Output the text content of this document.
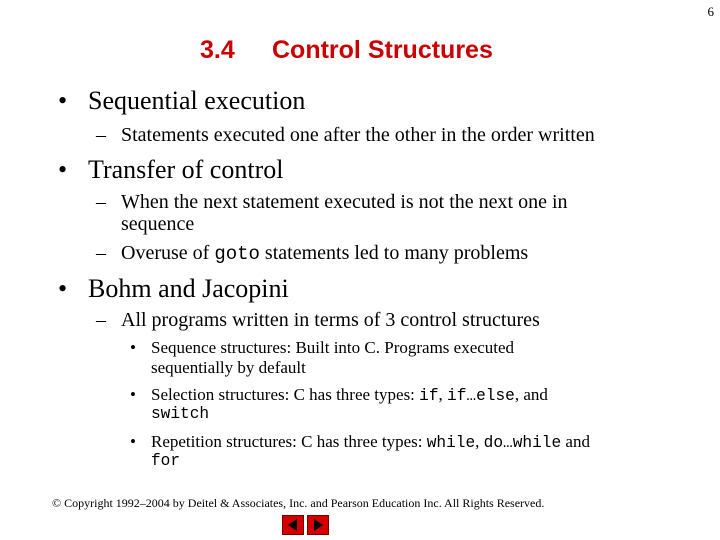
6
3.4 Control Structures
• Sequential execution
– Statements executed one after the other in the order written
• Transfer of control
– When the next statement executed is not the next one in
sequence
– Overuse of goto statements led to many problems
• Bohm and Jacopini
– All programs written in terms of 3 control structures
• Sequence structures: Built into C. Programs executed
sequentially by default
• Selection structures: C has three types: if, if…else, and
switch
• Repetition structures: C has three types: while, do…while and
for
© Copyright 1992–2004 by Deitel & Associates, Inc. and Pearson Education Inc. All Rights Reserved.
